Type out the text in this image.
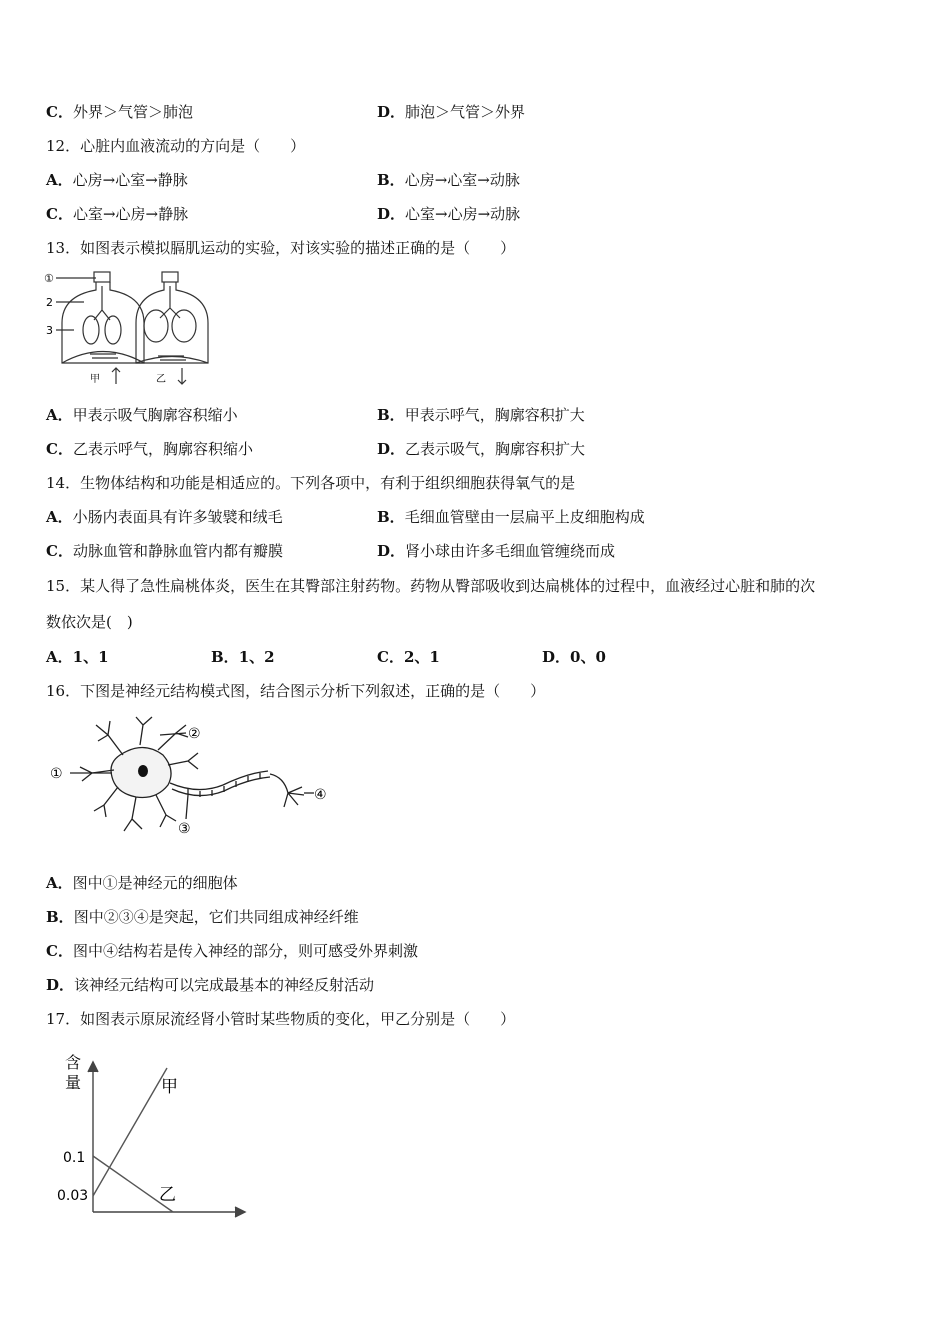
C．外界＞气管＞肺泡	D．肺泡＞气管＞外界
12．心脏内血液流动的方向是（　　）
A．心房→心室→静脉	B．心房→心室→动脉
C．心室→心房→静脉	D．心室→心房→动脉
13．如图表示模拟膈肌运动的实验，对该实验的描述正确的是（　　）
①
2
3
甲	乙
A．甲表示吸气胸廓容积缩小	B．甲表示呼气，胸廓容积扩大
C．乙表示呼气，胸廓容积缩小	D．乙表示吸气，胸廓容积扩大
14．生物体结构和功能是相适应的。下列各项中，有利于组织细胞获得氧气的是
A．小肠内表面具有许多皱襞和绒毛	B．毛细血管壁由一层扁平上皮细胞构成
C．动脉血管和静脉血管内都有瓣膜	D．肾小球由许多毛细血管缠绕而成
15．某人得了急性扁桃体炎，医生在其臀部注射药物。药物从臀部吸收到达扁桃体的过程中，血液经过心脏和肺的次
数依次是(　)
A．1、1	B．1、2	C．2、1	D．0、0
16．下图是神经元结构模式图，结合图示分析下列叙述，正确的是（　　）
①
②
③
④
A．图中①是神经元的细胞体
B．图中②③④是突起，它们共同组成神经纤维
C．图中④结构若是传入神经的部分，则可感受外界刺激
D．该神经元结构可以完成最基本的神经反射活动
17．如图表示原尿流经肾小管时某些物质的变化，甲乙分别是（　　）
含
量
0.1
0.03
甲
乙
